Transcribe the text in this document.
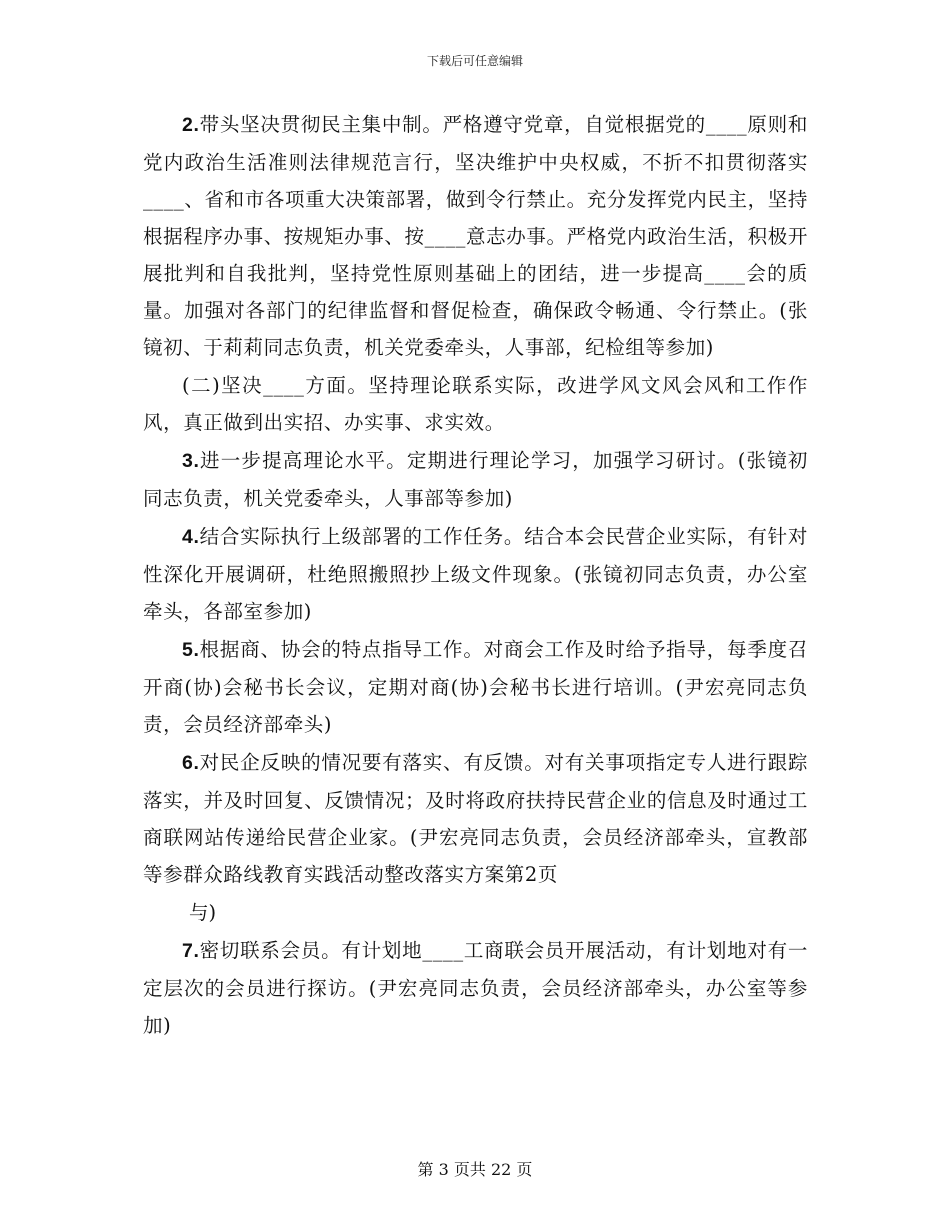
下载后可任意编辑

2.带头坚决贯彻民主集中制。严格遵守党章，自觉根据党的____原则和党内政治生活准则法律规范言行，坚决维护中央权威，不折不扣贯彻落实____、省和市各项重大决策部署，做到令行禁止。充分发挥党内民主，坚持根据程序办事、按规矩办事、按____意志办事。严格党内政治生活，积极开展批判和自我批判，坚持党性原则基础上的团结，进一步提高____会的质量。加强对各部门的纪律监督和督促检查，确保政令畅通、令行禁止。(张镜初、于莉莉同志负责，机关党委牵头，人事部，纪检组等参加)

(二)坚决____方面。坚持理论联系实际，改进学风文风会风和工作作风，真正做到出实招、办实事、求实效。

3.进一步提高理论水平。定期进行理论学习，加强学习研讨。(张镜初同志负责，机关党委牵头，人事部等参加)

4.结合实际执行上级部署的工作任务。结合本会民营企业实际，有针对性深化开展调研，杜绝照搬照抄上级文件现象。(张镜初同志负责，办公室牵头，各部室参加)

5.根据商、协会的特点指导工作。对商会工作及时给予指导，每季度召开商(协)会秘书长会议，定期对商(协)会秘书长进行培训。(尹宏亮同志负责，会员经济部牵头)

6.对民企反映的情况要有落实、有反馈。对有关事项指定专人进行跟踪落实，并及时回复、反馈情况；及时将政府扶持民营企业的信息及时通过工商联网站传递给民营企业家。(尹宏亮同志负责，会员经济部牵头，宣教部等参群众路线教育实践活动整改落实方案第2页

与)

7.密切联系会员。有计划地____工商联会员开展活动，有计划地对有一定层次的会员进行探访。(尹宏亮同志负责，会员经济部牵头，办公室等参加)

第 3 页共 22 页
